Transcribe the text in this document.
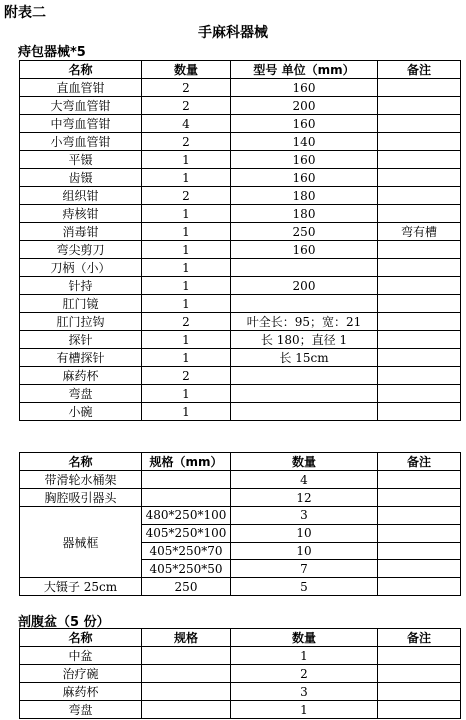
附表二
手麻科器械
痔包器械*5
名称	数量	型号 单位（mm）	备注
直血管钳	2	160	
大弯血管钳	2	200	
中弯血管钳	4	160	
小弯血管钳	2	140	
平镊	1	160	
齿镊	1	160	
组织钳	2	180	
痔核钳	1	180	
消毒钳	1	250	弯有槽
弯尖剪刀	1	160	
刀柄（小）	1		
针持	1	200	
肛门镜	1		
肛门拉钩	2	叶全长：95；宽：21	
探针	1	长 180；直径 1	
有槽探针	1	长 15cm	
麻药杯	2		
弯盘	1		
小碗	1		
名称	规格（mm）	数量	备注
带滑轮水桶架		4	
胸腔吸引器头		12	
器械框	480*250*100	3	
	405*250*100	10	
	405*250*70	10	
	405*250*50	7	
大镊子 25cm	250	5	
剖腹盆（5 份）
名称	规格	数量	备注
中盆		1	
治疗碗		2	
麻药杯		3	
弯盘		1	
